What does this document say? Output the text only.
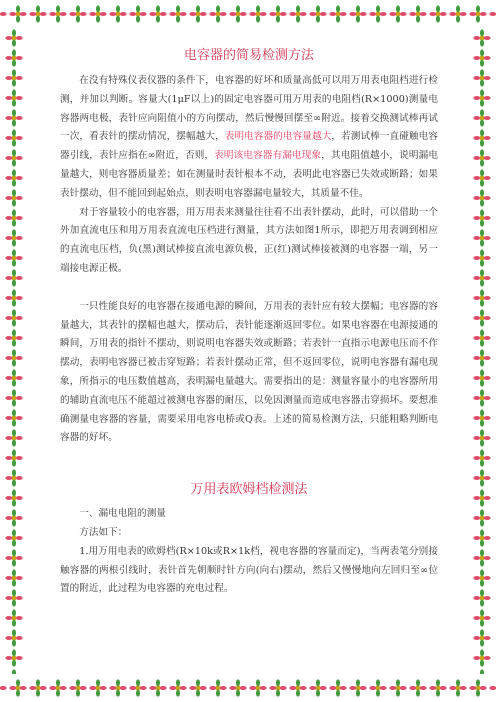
电容器的简易检测方法

在没有特殊仪表仪器的条件下，电容器的好坏和质量高低可以用万用表电阻档进行检测，并加以判断。容量大(1μF以上)的固定电容器可用万用表的电阻档(R×1000)测量电容器两电极，表针应向阻值小的方向摆动，然后慢慢回摆至∞附近。接着交换测试棒再试一次，看表针的摆动情况，摆幅越大，表明电容器的电容量越大，若测试棒一直碰触电容器引线，表针应指在∞附近，否则，表明该电容器有漏电现象，其电阻值越小，说明漏电量越大，则电容器质量差；如在测量时表针根本不动，表明此电容器已失效或断路；如果表针摆动，但不能回到起始点，则表明电容器漏电量较大，其质量不佳。

对于容量较小的电容器，用万用表来测量往往看不出表针摆动，此时，可以借助一个外加直流电压和用万用表直流电压档进行测量，其方法如图1所示，即把万用表调到相应的直流电压档，负(黑)测试棒接直流电源负极，正(红)测试棒接被测的电容器一端，另一端接电源正极。

一只性能良好的电容器在接通电源的瞬间，万用表的表针应有较大摆幅；电容器的容量越大，其表针的摆幅也越大，摆动后，表针能逐渐返回零位。如果电容器在电源接通的瞬间，万用表的指针不摆动，则说明电容器失效或断路；若表针一直指示电源电压而不作摆动，表明电容器已被击穿短路；若表针摆动正常，但不返回零位，说明电容器有漏电现象，所指示的电压数值越高，表明漏电量越大。需要指出的是：测量容量小的电容器所用的辅助直流电压不能超过被测电容器的耐压，以免因测量而造成电容器击穿损坏。要想准确测量电容器的容量，需要采用电容电桥或Q表。上述的简易检测方法，只能粗略判断电容器的好坏。

万用表欧姆档检测法

一、漏电电阻的测量

方法如下：

1.用万用电表的欧姆档(R×10k或R×1k档，视电容器的容量而定)，当两表笔分别接触容器的两根引线时，表针首先朝顺时针方向(向右)摆动，然后又慢慢地向左回归至∞位置的附近，此过程为电容器的充电过程。
